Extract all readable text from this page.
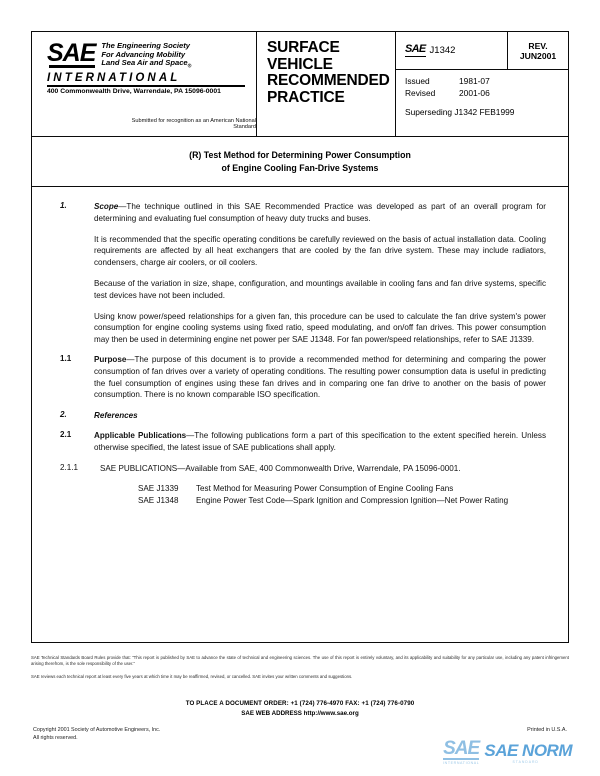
SAE The Engineering Society
For Advancing Mobility
Land Sea Air and Space$_®$
INTERNATIONAL
400 Commonwealth Drive, Warrendale, PA 15096-0001
Submitted for recognition as an American National Standard
SURFACE
VEHICLE
RECOMMENDED
PRACTICE
SAE J1342	REV.
JUN2001
Issued	1981-07
Revised	2001-06
Superseding J1342 FEB1999
(R) Test Method for Determining Power Consumption
of Engine Cooling Fan-Drive Systems
1.	Scope—The technique outlined in this SAE Recommended Practice was developed as part of an overall program for determining and evaluating fuel consumption of heavy duty trucks and buses.
It is recommended that the specific operating conditions be carefully reviewed on the basis of actual installation data. Cooling requirements are affected by all heat exchangers that are cooled by the fan drive system. These may include radiators, condensers, charge air coolers, or oil coolers.
Because of the variation in size, shape, configuration, and mountings available in cooling fans and fan drive systems, specific test devices have not been included.
Using know power/speed relationships for a given fan, this procedure can be used to calculate the fan drive system's power consumption for engine cooling systems using fixed ratio, speed modulating, and on/off fan drives. This power consumption may then be used in determining engine net power per SAE J1348. For fan power/speed relationships, refer to SAE J1339.
1.1	Purpose—The purpose of this document is to provide a recommended method for determining and comparing the power consumption of fan drives over a variety of operating conditions. The resulting power consumption data is useful in predicting the fuel consumption of engines using these fan drives and in comparing one fan drive to another on the basis of power consumption. There is no known comparable ISO specification.
2.	References
2.1	Applicable Publications—The following publications form a part of this specification to the extent specified herein. Unless otherwise specified, the latest issue of SAE publications shall apply.
2.1.1	SAE PUBLICATIONS—Available from SAE, 400 Commonwealth Drive, Warrendale, PA 15096-0001.
SAE J1339	Test Method for Measuring Power Consumption of Engine Cooling Fans
SAE J1348	Engine Power Test Code—Spark Ignition and Compression Ignition—Net Power Rating

SAE Technical Standards Board Rules provide that: “This report is published by SAE to advance the state of technical and engineering sciences. The use of this report is entirely voluntary, and its applicability and suitability for any particular use, including any patent infringement arising therefrom, is the sole responsibility of the user.”

SAE reviews each technical report at least every five years at which time it may be reaffirmed, revised, or cancelled. SAE invites your written comments and suggestions.

TO PLACE A DOCUMENT ORDER: +1 (724) 776-4970 FAX: +1 (724) 776-0790
SAE WEB ADDRESS http://www.sae.org
Copyright 2001 Society of Automotive Engineers, Inc.
All rights reserved.
Printed in U.S.A.
SAE
INTERNATIONAL
SAE NORM
STANDARD
